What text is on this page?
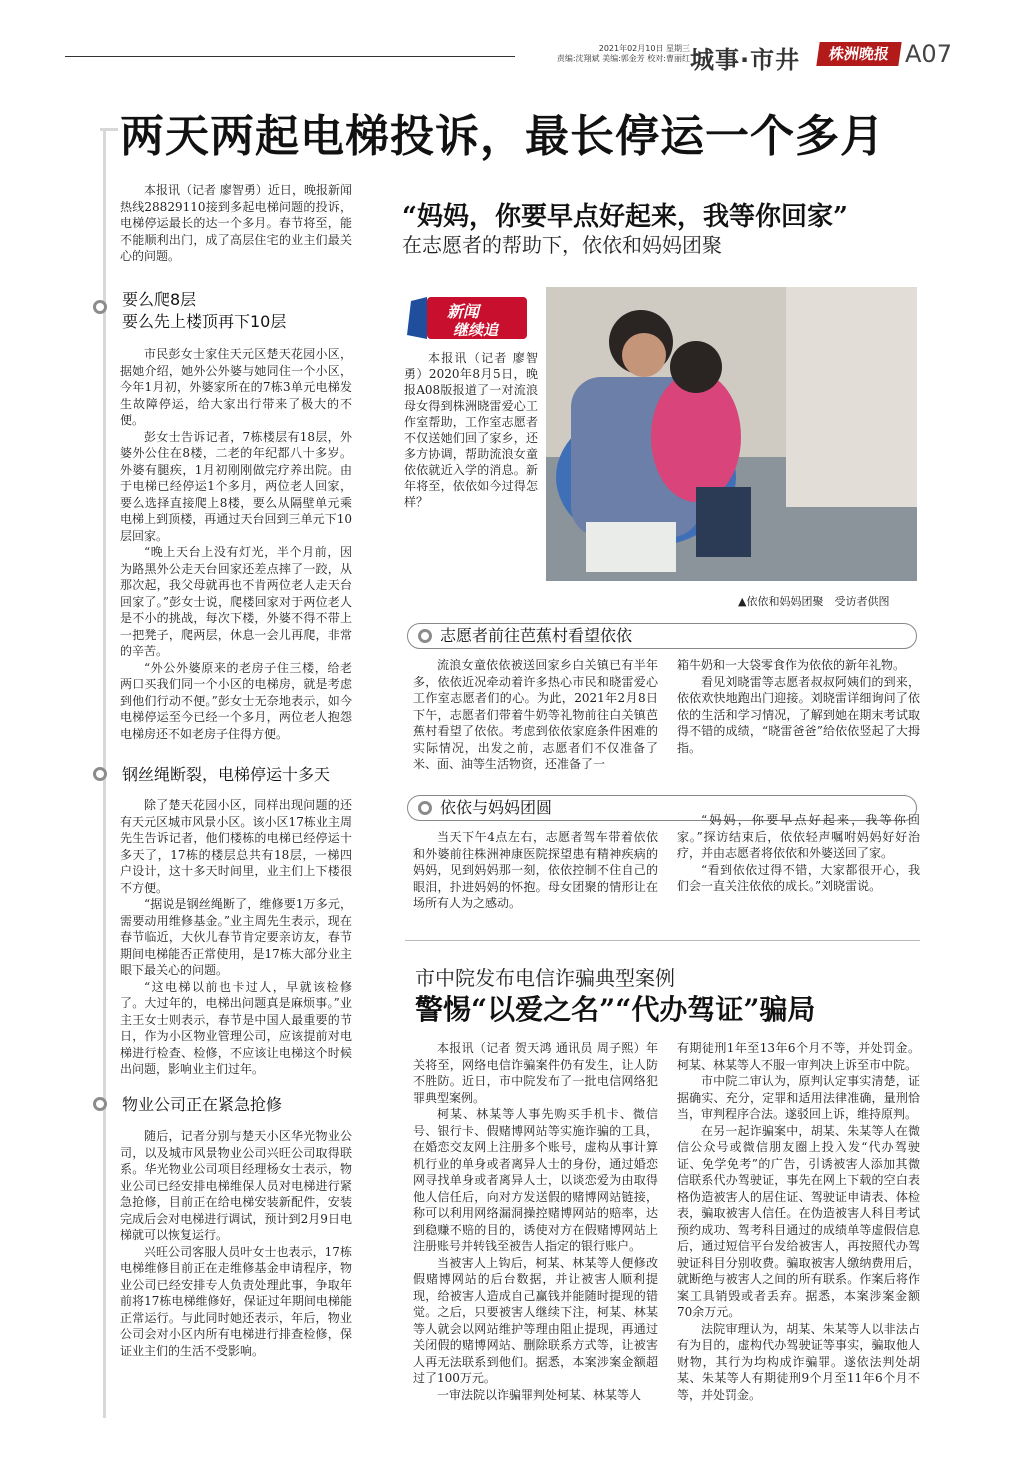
2021年02月10日 星期三
责编:沈翔斌 美编:郭金芳 校对:曹丽红 城事·市井	株洲晚报 A07
两天两起电梯投诉，最长停运一个多月

本报讯（记者 廖智勇）近日，晚报新闻热线28829110接到多起电梯问题的投诉，电梯停运最长的达一个多月。春节将至，能不能顺利出门，成了高层住宅的业主们最关心的问题。

要么爬8层
要么先上楼顶再下10层

市民彭女士家住天元区楚天花园小区，据她介绍，她外公外婆与她同住一个小区，今年1月初，外婆家所在的7栋3单元电梯发生故障停运，给大家出行带来了极大的不便。

彭女士告诉记者，7栋楼层有18层，外婆外公住在8楼，二老的年纪都八十多岁。外婆有腿疾，1月初刚刚做完疗养出院。由于电梯已经停运1个多月，两位老人回家，要么选择直接爬上8楼，要么从隔壁单元乘电梯上到顶楼，再通过天台回到三单元下10层回家。

“晚上天台上没有灯光，半个月前，因为路黑外公走天台回家还差点摔了一跤，从那次起，我父母就再也不肯两位老人走天台回家了。”彭女士说，爬楼回家对于两位老人是不小的挑战，每次下楼，外婆不得不带上一把凳子，爬两层，休息一会儿再爬，非常的辛苦。

“外公外婆原来的老房子住三楼，给老两口买我们同一个小区的电梯房，就是考虑到他们行动不便。”彭女士无奈地表示，如今电梯停运至今已经一个多月，两位老人抱怨电梯房还不如老房子住得方便。

钢丝绳断裂，电梯停运十多天

除了楚天花园小区，同样出现问题的还有天元区城市风景小区。该小区17栋业主周先生告诉记者，他们楼栋的电梯已经停运十多天了，17栋的楼层总共有18层，一梯四户设计，这十多天时间里，业主们上下楼很不方便。

“据说是钢丝绳断了，维修要1万多元，需要动用维修基金。”业主周先生表示，现在春节临近，大伙儿春节肯定要亲访友，春节期间电梯能否正常使用，是17栋大部分业主眼下最关心的问题。

“这电梯以前也卡过人，早就该检修了。大过年的，电梯出问题真是麻烦事。”业主王女士则表示，春节是中国人最重要的节日，作为小区物业管理公司，应该提前对电梯进行检查、检修，不应该让电梯这个时候出问题，影响业主们过年。

物业公司正在紧急抢修

随后，记者分别与楚天小区华光物业公司，以及城市风景物业公司兴旺公司取得联系。华光物业公司项目经理杨女士表示，物业公司已经安排电梯维保人员对电梯进行紧急抢修，目前正在给电梯安装新配件，安装完成后会对电梯进行调试，预计到2月9日电梯就可以恢复运行。

兴旺公司客服人员叶女士也表示，17栋电梯维修目前正在走维修基金申请程序，物业公司已经安排专人负责处理此事，争取年前将17栋电梯维修好，保证过年期间电梯能正常运行。与此同时她还表示，年后，物业公司会对小区内所有电梯进行排查检修，保证业主们的生活不受影响。

“妈妈，你要早点好起来，我等你回家”
在志愿者的帮助下，依依和妈妈团聚
新闻
继续追

本报讯（记者 廖智勇）2020年8月5日，晚报A08版报道了一对流浪母女得到株洲晓雷爱心工作室帮助，工作室志愿者不仅送她们回了家乡，还多方协调，帮助流浪女童依依就近入学的消息。新年将至，依依如今过得怎样？

▲依依和妈妈团聚　受访者供图
志愿者前往芭蕉村看望依依

流浪女童依依被送回家乡白关镇已有半年多，依依近况牵动着许多热心市民和晓雷爱心工作室志愿者们的心。为此，2021年2月8日下午，志愿者们带着牛奶等礼物前往白关镇芭蕉村看望了依依。考虑到依依家庭条件困难的实际情况，出发之前，志愿者们不仅准备了米、面、油等生活物资，还准备了一

箱牛奶和一大袋零食作为依依的新年礼物。

看见刘晓雷等志愿者叔叔阿姨们的到来，依依欢快地跑出门迎接。刘晓雷详细询问了依依的生活和学习情况，了解到她在期末考试取得不错的成绩，“晓雷爸爸”给依依竖起了大拇指。

依依与妈妈团圆

当天下午4点左右，志愿者驾车带着依依和外婆前往株洲神康医院探望患有精神疾病的妈妈，见到妈妈那一刻，依依控制不住自己的眼泪，扑进妈妈的怀抱。母女团聚的情形让在场所有人为之感动。

“妈妈，你要早点好起来，我等你回家。”探访结束后，依依轻声嘱咐妈妈好好治疗，并由志愿者将依依和外婆送回了家。

“看到依依过得不错，大家都很开心，我们会一直关注依依的成长。”刘晓雷说。

市中院发布电信诈骗典型案例
警惕“以爱之名”“代办驾证”骗局

本报讯（记者 贺天鸿 通讯员 周子熙）年关将至，网络电信诈骗案件仍有发生，让人防不胜防。近日，市中院发布了一批电信网络犯罪典型案例。

柯某、林某等人事先购买手机卡、微信号、银行卡、假赌博网站等实施诈骗的工具，在婚恋交友网上注册多个账号，虚构从事计算机行业的单身或者离异人士的身份，通过婚恋网寻找单身或者离异人士，以谈恋爱为由取得他人信任后，向对方发送假的赌博网站链接，称可以利用网络漏洞操控赌博网站的赔率，达到稳赚不赔的目的，诱使对方在假赌博网站上注册账号并转钱至被告人指定的银行账户。

当被害人上钩后，柯某、林某等人便修改假赌博网站的后台数据，并让被害人顺利提现，给被害人造成自己赢钱并能随时提现的错觉。之后，只要被害人继续下注，柯某、林某等人就会以网站维护等理由阻止提现，再通过关闭假的赌博网站、删除联系方式等，让被害人再无法联系到他们。据悉，本案涉案金额超过了100万元。

一审法院以诈骗罪判处柯某、林某等人

有期徒刑1年至13年6个月不等，并处罚金。柯某、林某等人不服一审判决上诉至市中院。

市中院二审认为，原判认定事实清楚，证据确实、充分，定罪和适用法律准确，量刑恰当，审判程序合法。遂驳回上诉，维持原判。

在另一起诈骗案中，胡某、朱某等人在微信公众号或微信朋友圈上投入发“代办驾驶证、免学免考”的广告，引诱被害人添加其微信联系代办驾驶证，事先在网上下载的空白表格伪造被害人的居住证、驾驶证申请表、体检表，骗取被害人信任。在伪造被害人科目考试预约成功、驾考科目通过的成绩单等虚假信息后，通过短信平台发给被害人，再按照代办驾驶证科目分别收费。骗取被害人缴纳费用后，就断绝与被害人之间的所有联系。作案后将作案工具销毁或者丢弃。据悉，本案涉案金额70余万元。

法院审理认为，胡某、朱某等人以非法占有为目的，虚构代办驾驶证等事实，骗取他人财物，其行为均构成诈骗罪。遂依法判处胡某、朱某等人有期徒刑9个月至11年6个月不等，并处罚金。
